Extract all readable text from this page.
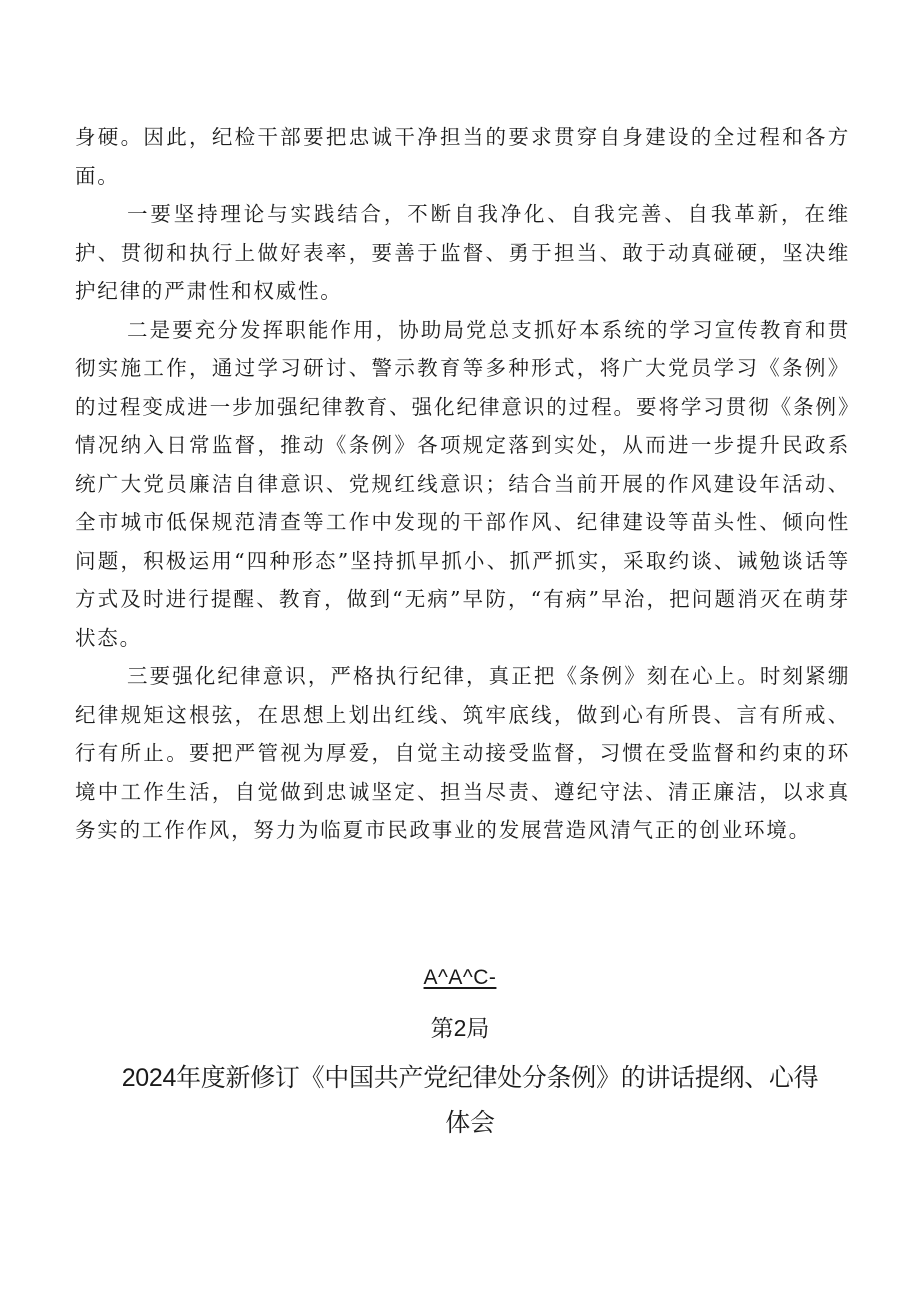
身硬。因此，纪检干部要把忠诚干净担当的要求贯穿自身建设的全过程和各方面。

一要坚持理论与实践结合，不断自我净化、自我完善、自我革新，在维护、贯彻和执行上做好表率，要善于监督、勇于担当、敢于动真碰硬，坚决维护纪律的严肃性和权威性。

二是要充分发挥职能作用，协助局党总支抓好本系统的学习宣传教育和贯彻实施工作，通过学习研讨、警示教育等多种形式，将广大党员学习《条例》的过程变成进一步加强纪律教育、强化纪律意识的过程。要将学习贯彻《条例》情况纳入日常监督，推动《条例》各项规定落到实处，从而进一步提升民政系统广大党员廉洁自律意识、党规红线意识；结合当前开展的作风建设年活动、全市城市低保规范清查等工作中发现的干部作风、纪律建设等苗头性、倾向性问题，积极运用“四种形态”坚持抓早抓小、抓严抓实，采取约谈、诫勉谈话等方式及时进行提醒、教育，做到“无病”早防，“有病”早治，把问题消灭在萌芽状态。

三要强化纪律意识，严格执行纪律，真正把《条例》刻在心上。时刻紧绷纪律规矩这根弦，在思想上划出红线、筑牢底线，做到心有所畏、言有所戒、行有所止。要把严管视为厚爱，自觉主动接受监督，习惯在受监督和约束的环境中工作生活，自觉做到忠诚坚定、担当尽责、遵纪守法、清正廉洁，以求真务实的工作作风，努力为临夏市民政事业的发展营造风清气正的创业环境。

A^A^C-
第2局
2024年度新修订《中国共产党纪律处分条例》的讲话提纲、心得体会
